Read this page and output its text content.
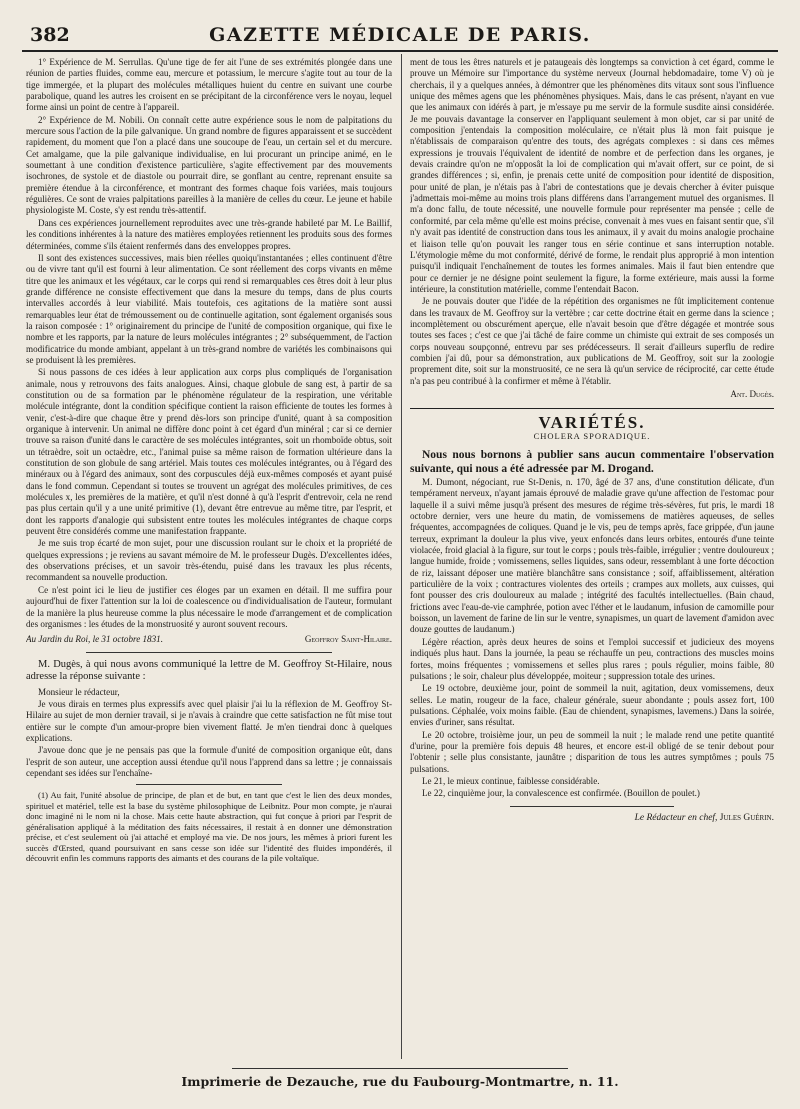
382	GAZETTE MÉDICALE DE PARIS.

1° Expérience de M. Serrullas. Qu'une tige de fer ait l'une de ses extrémités plongée dans une réunion de parties fluides, comme eau, mercure et potassium, le mercure s'agite tout au tour de la tige immergée, et la plupart des molécules métalliques huient du centre en suivant une courbe parabolique, quand les autres les croisent en se précipitant de la circonférence vers le noyau, lequel forme ainsi un point de centre à l'appareil.

2° Expérience de M. Nobili. On connaît cette autre expérience sous le nom de palpitations du mercure sous l'action de la pile galvanique. Un grand nombre de figures apparaissent et se succèdent rapidement, du moment que l'on a placé dans une soucoupe de l'eau, un certain sel et du mercure. Cet amalgame, que la pile galvanique individualise, en lui procurant un principe animé, en le soumettant à une condition d'existence particulière, s'agite effectivement par des mouvements isochrones, de systole et de diastole ou pourrait dire, se gonflant au centre, reprenant ensuite sa première étendue à la circonférence, et montrant des formes chaque fois variées, mais toujours régulières. Ce sont de vraies palpitations pareilles à la manière de celles du cœur. Le jeune et habile physiologiste M. Coste, s'y est rendu très-attentif.

Dans ces expériences journellement reproduites avec une très-grande habileté par M. Le Baillif, les conditions inhérentes à la nature des matières employées retiennent les produits sous des formes déterminées, comme s'ils étaient renfermés dans des enveloppes propres.

Il sont des existences successives, mais bien réelles quoiqu'instantanées ; elles continuent d'être ou de vivre tant qu'il est fourni à leur alimentation. Ce sont réellement des corps vivants en même titre que les animaux et les végétaux, car le corps qui rend si remarquables ces êtres doit à leur plus grande différence ne consiste effectivement que dans la mesure du temps, dans de plus courts intervalles accordés à leur viabilité. Mais toutefois, ces agitations de la matière sont aussi remarquables leur état de trémoussement ou de continuelle agitation, sont également organisés sous la raison composée : 1° originairement du principe de l'unité de composition organique, qui fixe le nombre et les rapports, par la nature de leurs molécules intégrantes ; 2° subséquemment, de l'action modificatrice du monde ambiant, appelant à un très-grand nombre de variétés les combinaisons qui se produisent là les premières.

Si nous passons de ces idées à leur application aux corps plus compliqués de l'organisation animale, nous y retrouvons des faits analogues. Ainsi, chaque globule de sang est, à partir de sa constitution ou de sa formation par le phénomène régulateur de la respiration, une véritable molécule intégrante, dont la condition spécifique contient la raison efficiente de toutes les formes à venir, c'est-à-dire que chaque être y prend dès-lors son principe d'unité, quant à sa composition organique à intervenir. Un animal ne diffère donc point à cet égard d'un minéral ; car si ce dernier trouve sa raison d'unité dans le caractère de ses molécules intégrantes, soit un rhomboïde obtus, soit un tétraèdre, soit un octaèdre, etc., l'animal puise sa même raison de formation ultérieure dans la constitution de son globule de sang artériel. Mais toutes ces molécules intégrantes, ou à l'égard des minéraux ou à l'égard des animaux, sont des corpuscules déjà eux-mêmes composés et ayant puisé dans le fond commun. Cependant si toutes se trouvent un agrégat des molécules primitives, de ces molécules x, les premières de la matière, et qu'il n'est donné à qu'à l'esprit d'entrevoir, cela ne rend pas plus certain qu'il y a une unité primitive (1), devant être entrevue au même titre, par l'esprit, et dont les rapports d'analogie qui subsistent entre toutes les molécules intégrantes de chaque corps peuvent être considérés comme une manifestation frappante.

Je me suis trop écarté de mon sujet, pour une discussion roulant sur le choix et la propriété de quelques expressions ; je reviens au savant mémoire de M. le professeur Dugès. D'excellentes idées, des observations précises, et un savoir très-étendu, puisé dans les travaux les plus récents, recommandent sa nouvelle production.

Ce n'est point ici le lieu de justifier ces éloges par un examen en détail. Il me suffira pour aujourd'hui de fixer l'attention sur la loi de coalescence ou d'individualisation de l'auteur, formulant de la manière la plus heureuse comme la plus nécessaire le mode d'arrangement et de complication des organismes : les études de la monstruosité y auront souvent recours.

Au Jardin du Roi, le 31 octobre 1831.	Geoffroy Saint-Hilaire.

M. Dugès, à qui nous avons communiqué la lettre de M. Geoffroy St-Hilaire, nous adresse la réponse suivante :

Monsieur le rédacteur,

Je vous dirais en termes plus expressifs avec quel plaisir j'ai lu la réflexion de M. Geoffroy St-Hilaire au sujet de mon dernier travail, si je n'avais à craindre que cette satisfaction ne fût mise tout entière sur le compte d'un amour-propre bien vivement flatté. Je m'en tiendrai donc à quelques explications.

J'avoue donc que je ne pensais pas que la formule d'unité de composition organique eût, dans l'esprit de son auteur, une acception aussi étendue qu'il nous l'apprend dans sa lettre ; je connaissais cependant ses idées sur l'enchaîne-

(1) Au fait, l'unité absolue de principe, de plan et de but, en tant que c'est le lien des deux mondes, spirituel et matériel, telle est la base du système philosophique de Leibnitz. Pour mon compte, je n'aurai donc imaginé ni le nom ni la chose. Mais cette haute abstraction, qui fut conçue à priori par l'esprit de généralisation appliqué à la méditation des faits nécessaires, il restait à en donner une démonstration précise, et c'est seulement où j'ai attaché et employé ma vie. De nos jours, les mêmes à priori furent les succès d'Œrsted, quand poursuivant en sans cesse son idée sur l'identité des fluides impondérés, il découvrit enfin les communs rapports des aimants et des courans de la pile voltaïque.

ment de tous les êtres naturels et je pataugeais dès longtemps sa conviction à cet égard, comme le prouve un Mémoire sur l'importance du système nerveux (Journal hebdomadaire, tome V) où je cherchais, il y a quelques années, à démontrer que les phénomènes dits vitaux sont sous l'influence unique des mêmes agens que les phénomènes physiques. Mais, dans le cas présent, n'ayant en vue que les animaux con idérés à part, je m'essaye pu me servir de la formule susdite ainsi considérée. Je me pouvais davantage la conserver en l'appliquant seulement à mon objet, car si par unité de composition j'entendais la composition moléculaire, ce n'était plus là mon fait puisque je n'établissais de comparaison qu'entre des touts, des agrégats complexes : si dans ces mêmes expressions je trouvais l'équivalent de identité de nombre et de perfection dans les organes, je devais craindre qu'on ne m'opposât la loi de complication qui m'avait offert, sur ce point, de si grandes différences ; si, enfin, je prenais cette unité de composition pour identité de disposition, pour unité de plan, je n'étais pas à l'abri de contestations que je devais chercher à éviter puisque j'admettais moi-même au moins trois plans différens dans l'arrangement mutuel des organismes. Il m'a donc fallu, de toute nécessité, une nouvelle formule pour représenter ma pensée ; celle de conformité, par cela même qu'elle est moins précise, convenait à mes vues en faisant sentir que, s'il n'y avait pas identité de construction dans tous les animaux, il y avait du moins analogie prochaine et liaison telle qu'on pouvait les ranger tous en série continue et sans interruption notable. L'étymologie même du mot conformité, dérivé de forme, le rendait plus approprié à mon intention puisqu'il indiquait l'enchaînement de toutes les formes animales. Mais il faut bien entendre que pour ce dernier je ne désigne point seulement la figure, la forme extérieure, mais aussi la forme intérieure, la constitution matérielle, comme l'entendait Bacon.

Je ne pouvais douter que l'idée de la répétition des organismes ne fût implicitement contenue dans les travaux de M. Geoffroy sur la vertèbre ; car cette doctrine était en germe dans la science ; incomplètement ou obscurément aperçue, elle n'avait besoin que d'être dégagée et montrée sous toutes ses faces ; c'est ce que j'ai tâché de faire comme un chimiste qui extrait de ses composés un corps nouveau soupçonné, entrevu par ses prédécesseurs. Il serait d'ailleurs superflu de redire combien j'ai dû, pour sa démonstration, aux publications de M. Geoffroy, soit sur la zoologie proprement dite, soit sur la monstruosité, ce ne sera là qu'un service de réciprocité, car cette étude n'a pas peu contribué à la confirmer et même à l'établir.

Ant. Dugès.
VARIÉTÉS.
CHOLERA SPORADIQUE.

Nous nous bornons à publier sans aucun commentaire l'observation suivante, qui nous a été adressée par M. Drogand.

M. Dumont, négociant, rue St-Denis, n. 170, âgé de 37 ans, d'une constitution délicate, d'un tempérament nerveux, n'ayant jamais éprouvé de maladie grave qu'une affection de l'estomac pour laquelle il a suivi même jusqu'à présent des mesures de régime très-sévères, fut pris, le mardi 18 octobre dernier, vers une heure du matin, de vomissemens de matières aqueuses, de selles fréquentes, accompagnées de coliques. Quand je le vis, peu de temps après, face grippée, d'un jaune terreux, exprimant la douleur la plus vive, yeux enfoncés dans leurs orbites, entourés d'une teinte violacée, froid glacial à la figure, sur tout le corps ; pouls très-faible, irrégulier ; ventre douloureux ; langue humide, froide ; vomissemens, selles liquides, sans odeur, ressemblant à une forte décoction de riz, laissant déposer une matière blanchâtre sans consistance ; soif, affaiblissement, altération particulière de la voix ; contractures violentes des orteils ; crampes aux mollets, aux cuisses, qui font pousser des cris douloureux au malade ; intégrité des facultés intellectuelles. (Bain chaud, frictions avec l'eau-de-vie camphrée, potion avec l'éther et le laudanum, infusion de camomille pour boisson, un lavement de farine de lin sur le ventre, synapismes, un quart de lavement d'amidon avec douze gouttes de laudanum.)

Légère réaction, après deux heures de soins et l'emploi successif et judicieux des moyens indiqués plus haut. Dans la journée, la peau se réchauffe un peu, contractions des muscles moins fortes, moins fréquentes ; vomissemens et selles plus rares ; pouls régulier, moins faible, 80 pulsations ; le soir, chaleur plus développée, moiteur ; suppression totale des urines.

Le 19 octobre, deuxième jour, point de sommeil la nuit, agitation, deux vomissemens, deux selles. Le matin, rougeur de la face, chaleur générale, sueur abondante ; pouls assez fort, 100 pulsations. Céphalée, voix moins faible. (Eau de chiendent, synapismes, lavemens.) Dans la soirée, envies d'uriner, sans résultat.

Le 20 octobre, troisième jour, un peu de sommeil la nuit ; le malade rend une petite quantité d'urine, pour la première fois depuis 48 heures, et encore est-il obligé de se tenir debout pour l'obtenir ; selle plus consistante, jaunâtre ; disparition de tous les autres symptômes ; pouls 75 pulsations.

Le 21, le mieux continue, faiblesse considérable.

Le 22, cinquième jour, la convalescence est confirmée. (Bouillon de poulet.)

Le Rédacteur en chef, Jules Guérin.
Imprimerie de Dezauche, rue du Faubourg-Montmartre, n. 11.
